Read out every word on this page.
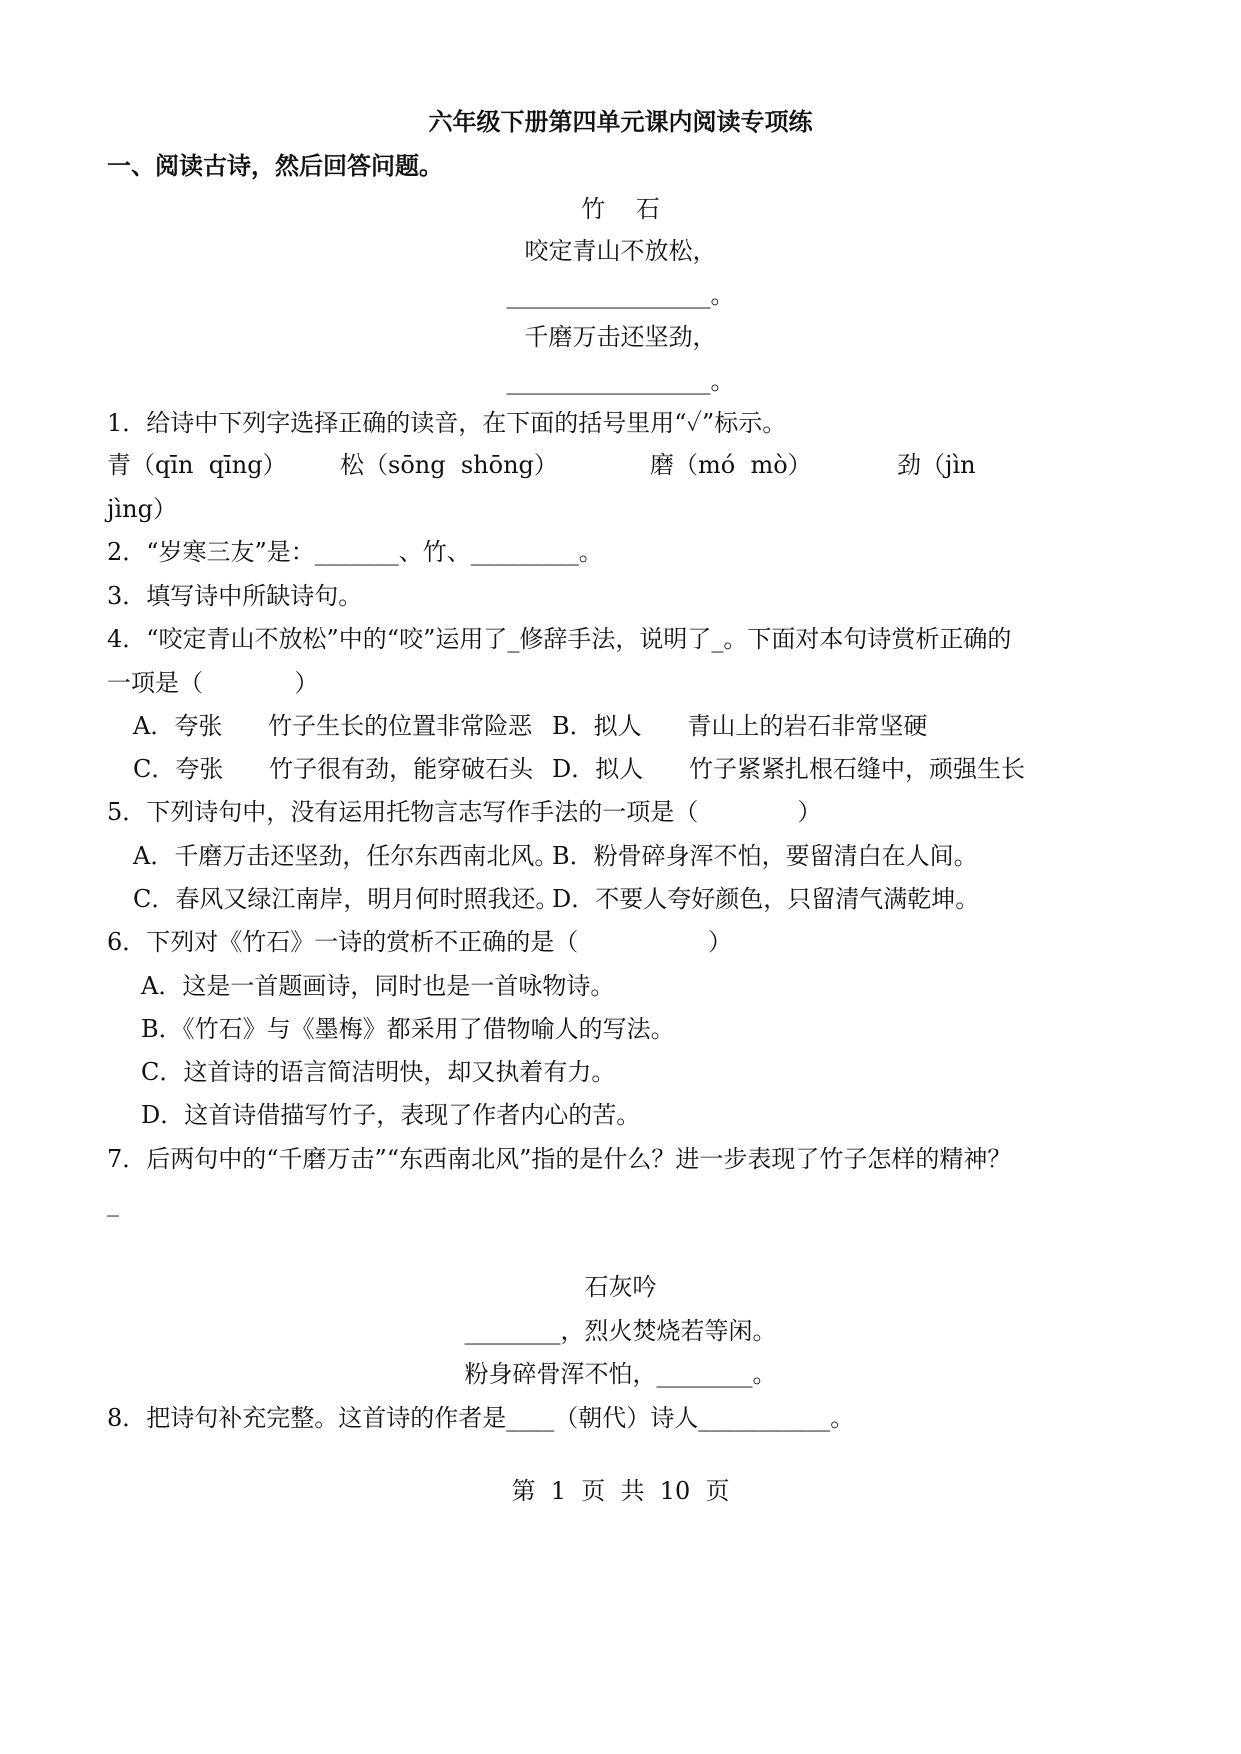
六年级下册第四单元课内阅读专项练
一、阅读古诗，然后回答问题。
竹    石
咬定青山不放松，
_________________。
千磨万击还坚劲，
_________________。
1．给诗中下列字选择正确的读音，在下面的括号里用“✓”标示。
青（qīn  qīng） 松（sōng  shōng）	磨（mó  mò）	劲（jìn
jìng）
2．“岁寒三友”是：_______、竹、_________。
3．填写诗中所缺诗句。
4．“咬定青山不放松”中的“咬”运用了_修辞手法，说明了_。下面对本句诗赏析正确的
一项是（            ）
A．夸张      竹子生长的位置非常险恶 B．拟人      青山上的岩石非常坚硬
C．夸张      竹子很有劲，能穿破石头 D．拟人      竹子紧紧扎根石缝中，顽强生长
5．下列诗句中，没有运用托物言志写作手法的一项是（             ）
A．千磨万击还坚劲，任尔东西南北风。
B．粉骨碎身浑不怕，要留清白在人间。
C．春风又绿江南岸，明月何时照我还。
D．不要人夸好颜色，只留清气满乾坤。
6．下列对《竹石》一诗的赏析不正确的是（                 ）
A．这是一首题画诗，同时也是一首咏物诗。
B．《竹石》与《墨梅》都采用了借物喻人的写法。
C．这首诗的语言简洁明快，却又执着有力。
D．这首诗借描写竹子，表现了作者内心的苦。
7．后两句中的“千磨万击”“东西南北风”指的是什么？进一步表现了竹子怎样的精神？
_
石灰吟
________，烈火焚烧若等闲。
粉身碎骨浑不怕，________。
8．把诗句补充完整。这首诗的作者是____（朝代）诗人___________。
第  1  页  共  10  页
